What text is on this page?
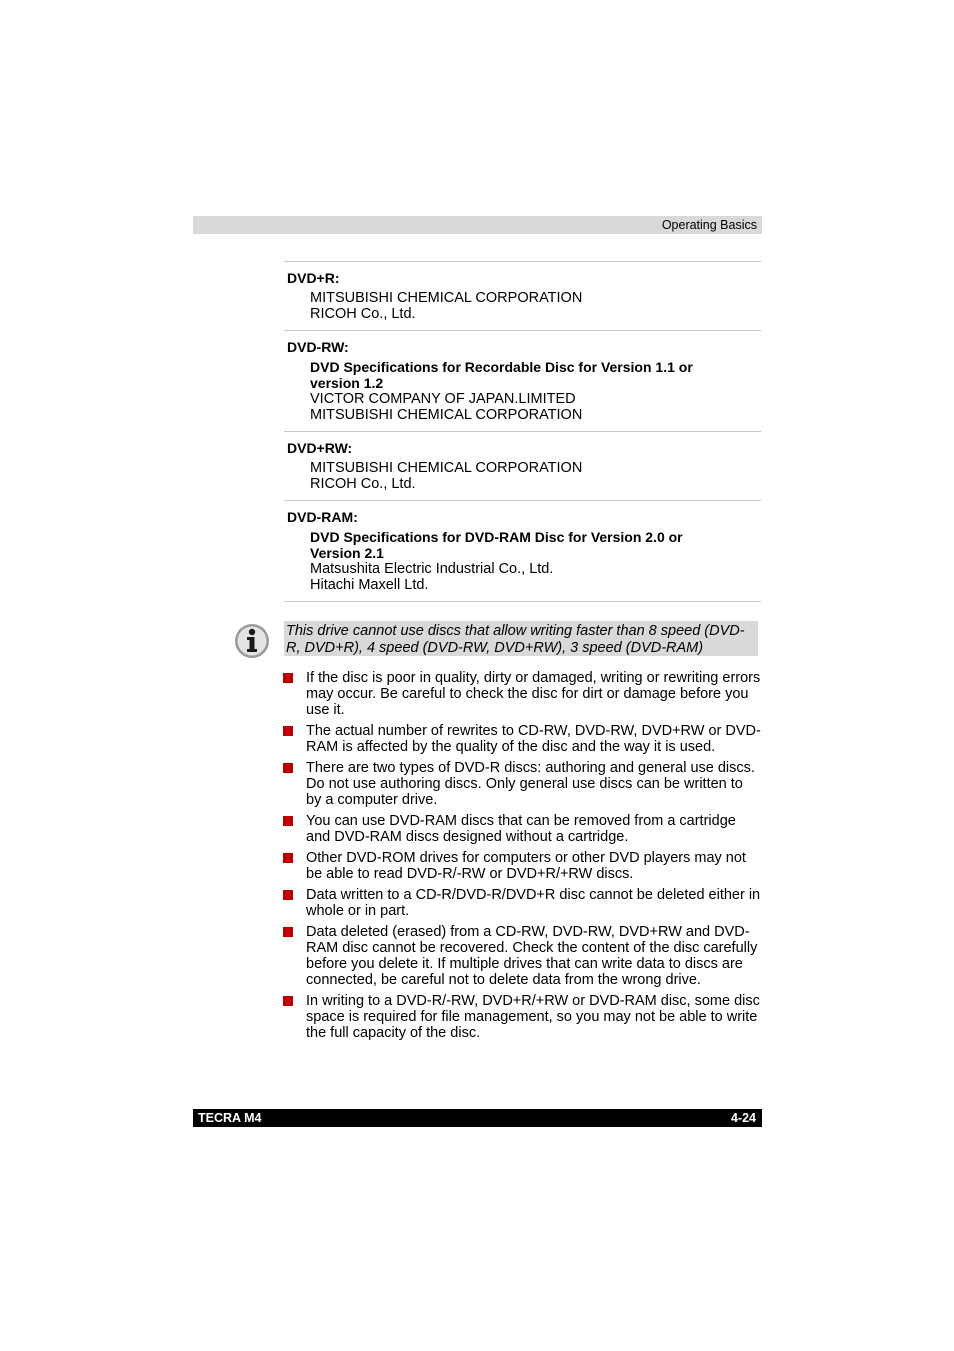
Operating Basics
DVD+R:
MITSUBISHI CHEMICAL CORPORATION
RICOH Co., Ltd.
DVD-RW:
DVD Specifications for Recordable Disc for Version 1.1 or
version 1.2
VICTOR COMPANY OF JAPAN.LIMITED
MITSUBISHI CHEMICAL CORPORATION
DVD+RW:
MITSUBISHI CHEMICAL CORPORATION
RICOH Co., Ltd.
DVD-RAM:
DVD Specifications for DVD-RAM Disc for Version 2.0 or
Version 2.1
Matsushita Electric Industrial Co., Ltd.
Hitachi Maxell Ltd.
This drive cannot use discs that allow writing faster than 8 speed (DVD-R, DVD+R), 4 speed (DVD-RW, DVD+RW), 3 speed (DVD-RAM)
If the disc is poor in quality, dirty or damaged, writing or rewriting errors may occur. Be careful to check the disc for dirt or damage before you use it.
The actual number of rewrites to CD-RW, DVD-RW, DVD+RW or DVD-RAM is affected by the quality of the disc and the way it is used.
There are two types of DVD-R discs: authoring and general use discs. Do not use authoring discs. Only general use discs can be written to by a computer drive.
You can use DVD-RAM discs that can be removed from a cartridge and DVD-RAM discs designed without a cartridge.
Other DVD-ROM drives for computers or other DVD players may not be able to read DVD-R/-RW or DVD+R/+RW discs.
Data written to a CD-R/DVD-R/DVD+R disc cannot be deleted either in whole or in part.
Data deleted (erased) from a CD-RW, DVD-RW, DVD+RW and DVD-RAM disc cannot be recovered. Check the content of the disc carefully before you delete it. If multiple drives that can write data to discs are connected, be careful not to delete data from the wrong drive.
In writing to a DVD-R/-RW, DVD+R/+RW or DVD-RAM disc, some disc space is required for file management, so you may not be able to write the full capacity of the disc.
TECRA M4	4-24
